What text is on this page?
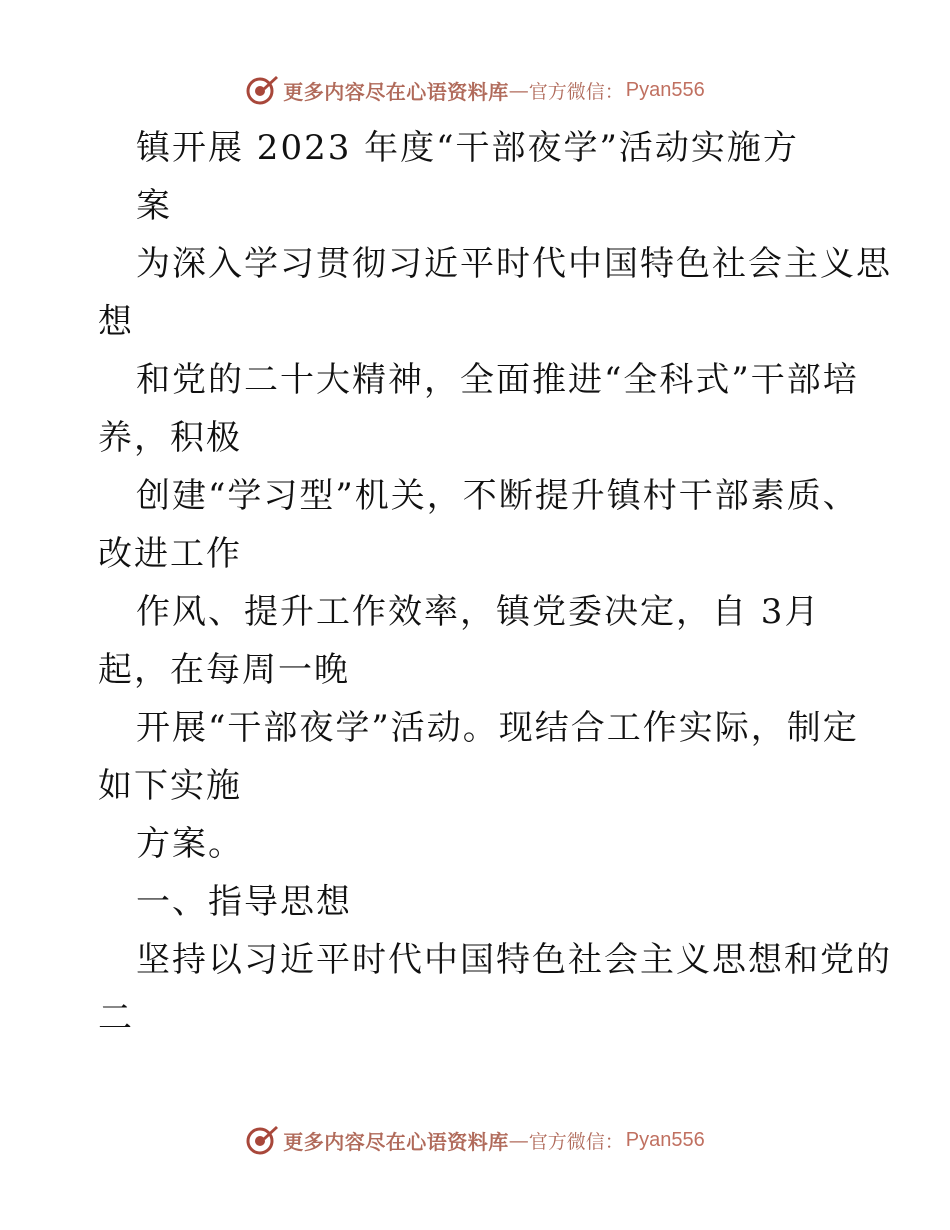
更多内容尽在心语资料库 — 官方微信： Pyan556
镇开展 2023 年度“干部夜学”活动实施方
案
为深入学习贯彻习近平时代中国特色社会主义思
想
和党的二十大精神，全面推进“全科式”干部培
养，积极
创建“学习型”机关，不断提升镇村干部素质、
改进工作
作风、提升工作效率，镇党委决定，自 3月
起，在每周一晚
开展“干部夜学”活动。现结合工作实际，制定
如下实施
方案。
一、指导思想
坚持以习近平时代中国特色社会主义思想和党的
二
更多内容尽在心语资料库 — 官方微信： Pyan556
